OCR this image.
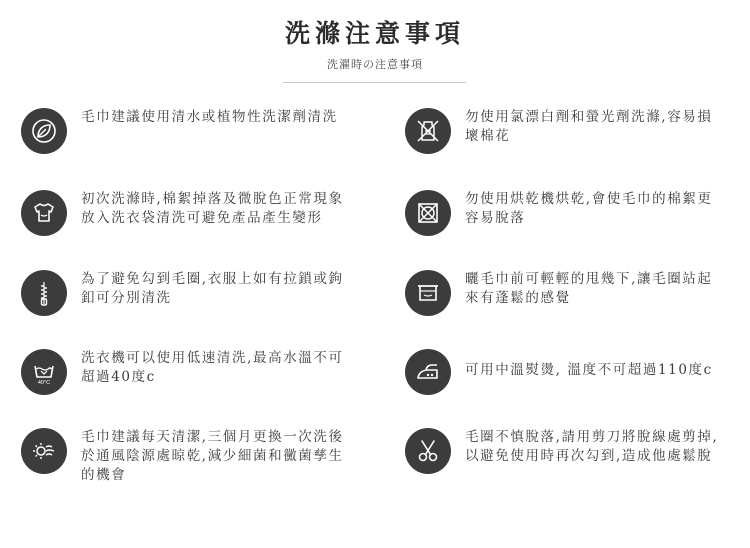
洗滌注意事項
洗濯時の注意事項
毛巾建議使用清水或植物性洗潔劑清洗
初次洗滌時,棉絮掉落及微脫色正常現象
放入洗衣袋清洗可避免產品產生變形
為了避免勾到毛圈,衣服上如有拉鎖或鉤
釦可分別清洗
40°C
洗衣機可以使用低速清洗,最高水溫不可
超過40度c
毛巾建議每天清潔,三個月更換一次洗後
於通風陰源處晾乾,減少細菌和黴菌孳生
的機會
勿使用氯漂白劑和螢光劑洗滌,容易損
壞棉花
勿使用烘乾機烘乾,會使毛巾的棉絮更
容易脫落
曬毛巾前可輕輕的甩幾下,讓毛圈站起
來有蓬鬆的感覺
可用中溫熨燙, 溫度不可超過110度c
毛圈不慎脫落,請用剪刀將脫線處剪掉,
以避免使用時再次勾到,造成他處鬆脫
